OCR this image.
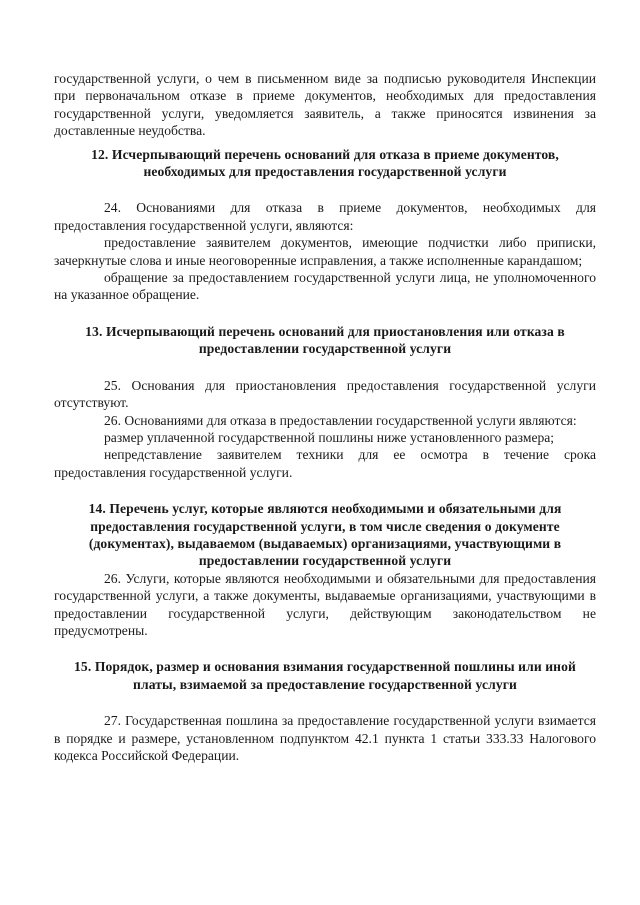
государственной услуги, о чем в письменном виде за подписью руководителя Инспекции при первоначальном отказе в приеме документов, необходимых для предоставления государственной услуги, уведомляется заявитель, а также приносятся извинения за доставленные неудобства.

12. Исчерпывающий перечень оснований для отказа в приеме документов, необходимых для предоставления государственной услуги

24. Основаниями для отказа в приеме документов, необходимых для предоставления государственной услуги, являются:

предоставление заявителем документов, имеющие подчистки либо приписки, зачеркнутые слова и иные неоговоренные исправления, а также исполненные карандашом;

обращение за предоставлением государственной услуги лица, не уполномоченного на указанное обращение.

13. Исчерпывающий перечень оснований для приостановления или отказа в предоставлении государственной услуги

25. Основания для приостановления предоставления государственной услуги отсутствуют.

26. Основаниями для отказа в предоставлении государственной услуги являются:

размер уплаченной государственной пошлины ниже установленного размера;

непредставление заявителем техники для ее осмотра в течение срока предоставления государственной услуги.

14. Перечень услуг, которые являются необходимыми и обязательными для предоставления государственной услуги, в том числе сведения о документе (документах), выдаваемом (выдаваемых) организациями, участвующими в предоставлении государственной услуги

26. Услуги, которые являются необходимыми и обязательными для предоставления государственной услуги, а также документы, выдаваемые организациями, участвующими в предоставлении государственной услуги, действующим законодательством не предусмотрены.

15. Порядок, размер и основания взимания государственной пошлины или иной платы, взимаемой за предоставление государственной услуги

27. Государственная пошлина за предоставление государственной услуги взимается в порядке и размере, установленном подпунктом 42.1 пункта 1 статьи 333.33 Налогового кодекса Российской Федерации.
